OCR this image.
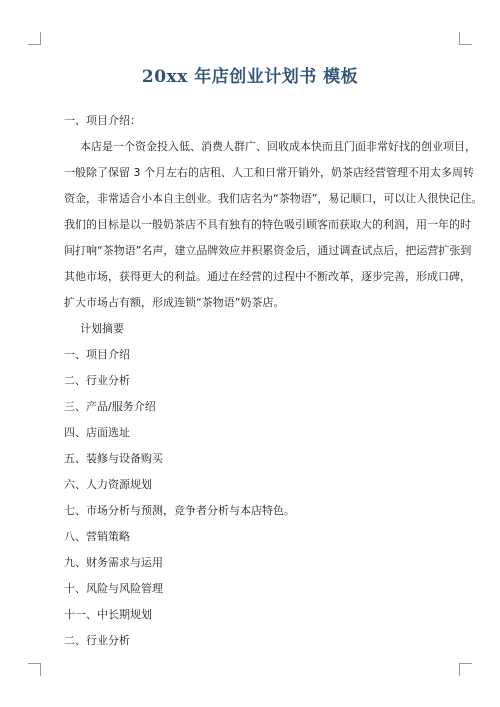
20xx 年店创业计划书 模板
一、项目介绍：
本店是一个资金投入低、消费人群广、回收成本快而且门面非常好找的创业项目，
一般除了保留 3 个月左右的店租、人工和日常开销外，奶茶店经营管理不用太多周转
资金，非常适合小本自主创业。我们店名为“茶物语”，易记顺口，可以让人很快记住。
我们的目标是以一般奶茶店不具有独有的特色吸引顾客而获取大的利润，用一年的时
间打响“茶物语”名声，建立品牌效应并积累资金后，通过调查试点后，把运营扩张到
其他市场，获得更大的利益。通过在经营的过程中不断改革，逐步完善，形成口碑，
扩大市场占有额，形成连锁“茶物语”奶茶店。
计划摘要
一、项目介绍
二、行业分析
三、产品/服务介绍
四、店面选址
五、装修与设备购买
六、人力资源规划
七、市场分析与预测，竞争者分析与本店特色。
八、营销策略
九、财务需求与运用
十、风险与风险管理
十一、中长期规划
二、行业分析
